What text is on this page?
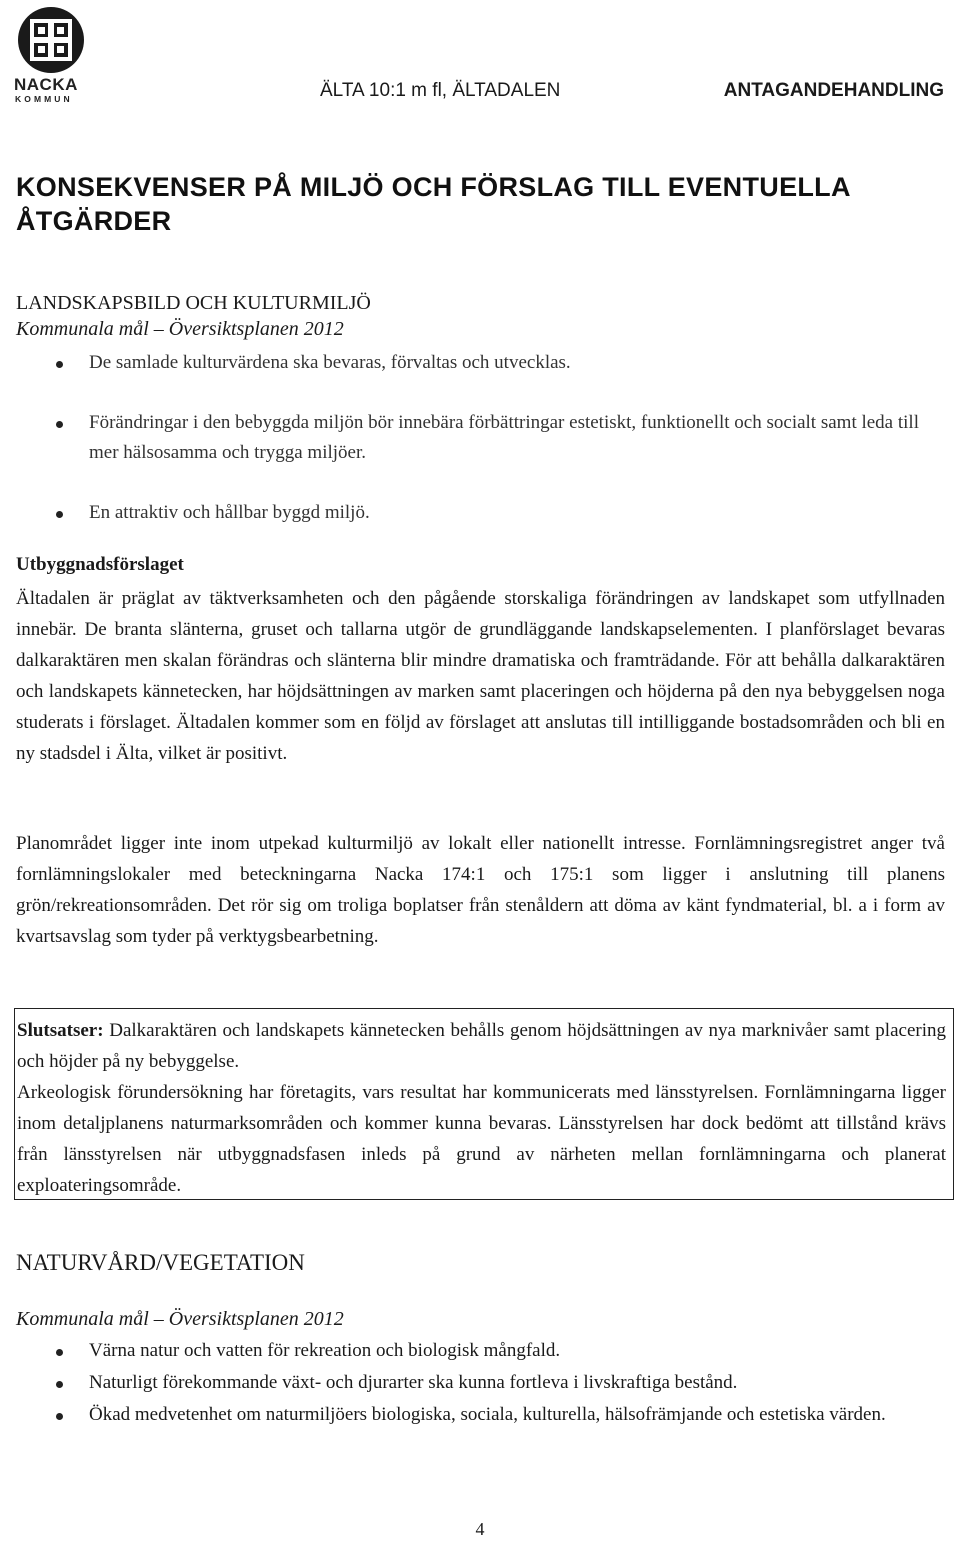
NACKA
KOMMUN	ÄLTA 10:1 m fl, ÄLTADALEN	ANTAGANDEHANDLING
KONSEKVENSER PÅ MILJÖ OCH FÖRSLAG TILL EVENTUELLA ÅTGÄRDER
LANDSKAPSBILD OCH KULTURMILJÖ
Kommunala mål – Översiktsplanen 2012
De samlade kulturvärdena ska bevaras, förvaltas och utvecklas.
Förändringar i den bebyggda miljön bör innebära förbättringar estetiskt, funktionellt och socialt samt leda till mer hälsosamma och trygga miljöer.
En attraktiv och hållbar byggd miljö.
Utbyggnadsförslaget
Ältadalen är präglat av täktverksamheten och den pågående storskaliga förändringen av landskapet som utfyllnaden innebär. De branta slänterna, gruset och tallarna utgör de grundläggande landskapselementen. I planförslaget bevaras dalkaraktären men skalan förändras och slänterna blir mindre dramatiska och framträdande. För att behålla dalkaraktären och landskapets kännetecken, har höjdsättningen av marken samt placeringen och höjderna på den nya bebyggelsen noga studerats i förslaget. Ältadalen kommer som en följd av förslaget att anslutas till intilliggande bostadsområden och bli en ny stadsdel i Älta, vilket är positivt.
Planområdet ligger inte inom utpekad kulturmiljö av lokalt eller nationellt intresse. Fornlämningsregistret anger två fornlämningslokaler med beteckningarna Nacka 174:1 och 175:1 som ligger i anslutning till planens grön/rekreationsområden. Det rör sig om troliga boplatser från stenåldern att döma av känt fyndmaterial, bl. a i form av kvartsavslag som tyder på verktygsbearbetning.
Slutsatser: Dalkaraktären och landskapets kännetecken behålls genom höjdsättningen av nya marknivåer samt placering och höjder på ny bebyggelse.
Arkeologisk förundersökning har företagits, vars resultat har kommunicerats med länsstyrelsen. Fornlämningarna ligger inom detaljplanens naturmarksområden och kommer kunna bevaras. Länsstyrelsen har dock bedömt att tillstånd krävs från länsstyrelsen när utbyggnadsfasen inleds på grund av närheten mellan fornlämningarna och planerat exploateringsområde.
NATURVÅRD/VEGETATION
Kommunala mål – Översiktsplanen 2012
Värna natur och vatten för rekreation och biologisk mångfald.
Naturligt förekommande växt- och djurarter ska kunna fortleva i livskraftiga bestånd.
Ökad medvetenhet om naturmiljöers biologiska, sociala, kulturella, hälsofrämjande och estetiska värden.
4
